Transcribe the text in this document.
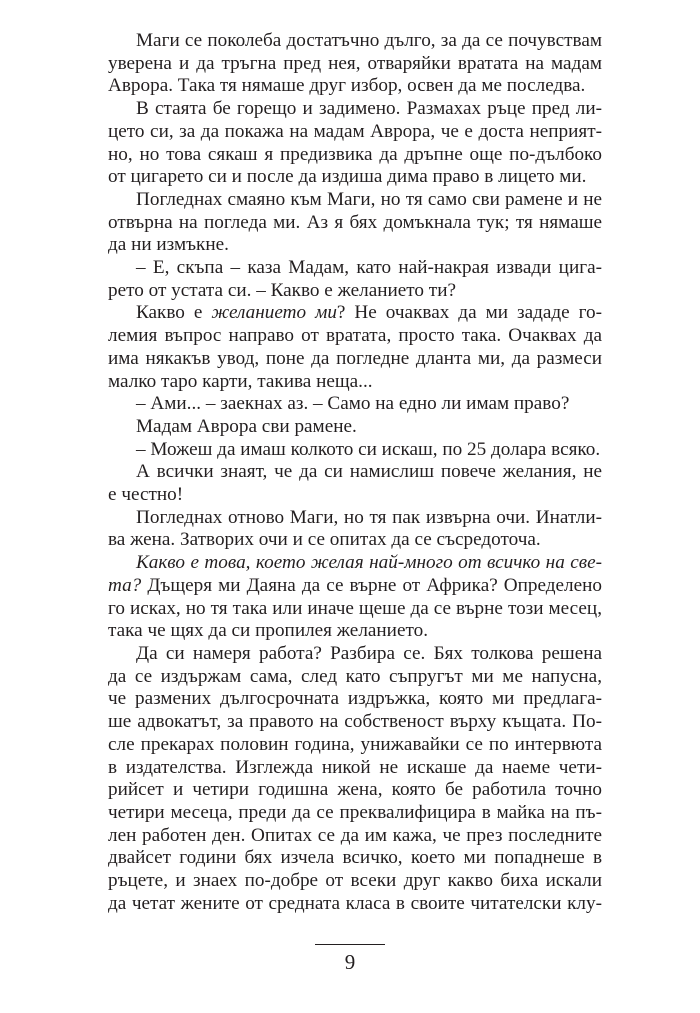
Маги се поколеба достатъчно дълго, за да се почувствам
уверена и да тръгна пред нея, отваряйки вратата на мадам
Аврора. Така тя нямаше друг избор, освен да ме последва.
В стаята бе горещо и задимено. Размахах ръце пред ли-
цето си, за да покажа на мадам Аврора, че е доста неприят-
но, но това сякаш я предизвика да дръпне още по-дълбоко
от цигарето си и после да издиша дима право в лицето ми.
Погледнах смаяно към Маги, но тя само сви рамене и не
отвърна на погледа ми. Аз я бях домъкнала тук; тя нямаше
да ни измъкне.
– Е, скъпа – каза Мадам, като най-накрая извади цига-
рето от устата си. – Какво е желанието ти?
Какво е желанието ми? Не очаквах да ми зададе го-
лемия въпрос направо от вратата, просто така. Очаквах да
има някакъв увод, поне да погледне дланта ми, да размеси
малко таро карти, такива неща...
– Ами... – заекнах аз. – Само на едно ли имам право?
Мадам Аврора сви рамене.
– Можеш да имаш колкото си искаш, по 25 долара всяко.
А всички знаят, че да си намислиш повече желания, не
е честно!
Погледнах отново Маги, но тя пак извърна очи. Инатли-
ва жена. Затворих очи и се опитах да се съсредоточа.
Какво е това, което желая най-много от всичко на све-
та? Дъщеря ми Даяна да се върне от Африка? Определено
го исках, но тя така или иначе щеше да се върне този месец,
така че щях да си пропилея желанието.
Да си намеря работа? Разбира се. Бях толкова решена
да се издържам сама, след като съпругът ми ме напусна,
че размених дългосрочната издръжка, която ми предлага-
ше адвокатът, за правото на собственост върху къщата. По-
сле прекарах половин година, унижавайки се по интервюта
в издателства. Изглежда никой не искаше да наеме чети-
рийсет и четири годишна жена, която бе работила точно
четири месеца, преди да се преквалифицира в майка на пъ-
лен работен ден. Опитах се да им кажа, че през последните
двайсет години бях изчела всичко, което ми попаднеше в
ръцете, и знаех по-добре от всеки друг какво биха искали
да четат жените от средната класа в своите читателски клу-
9
